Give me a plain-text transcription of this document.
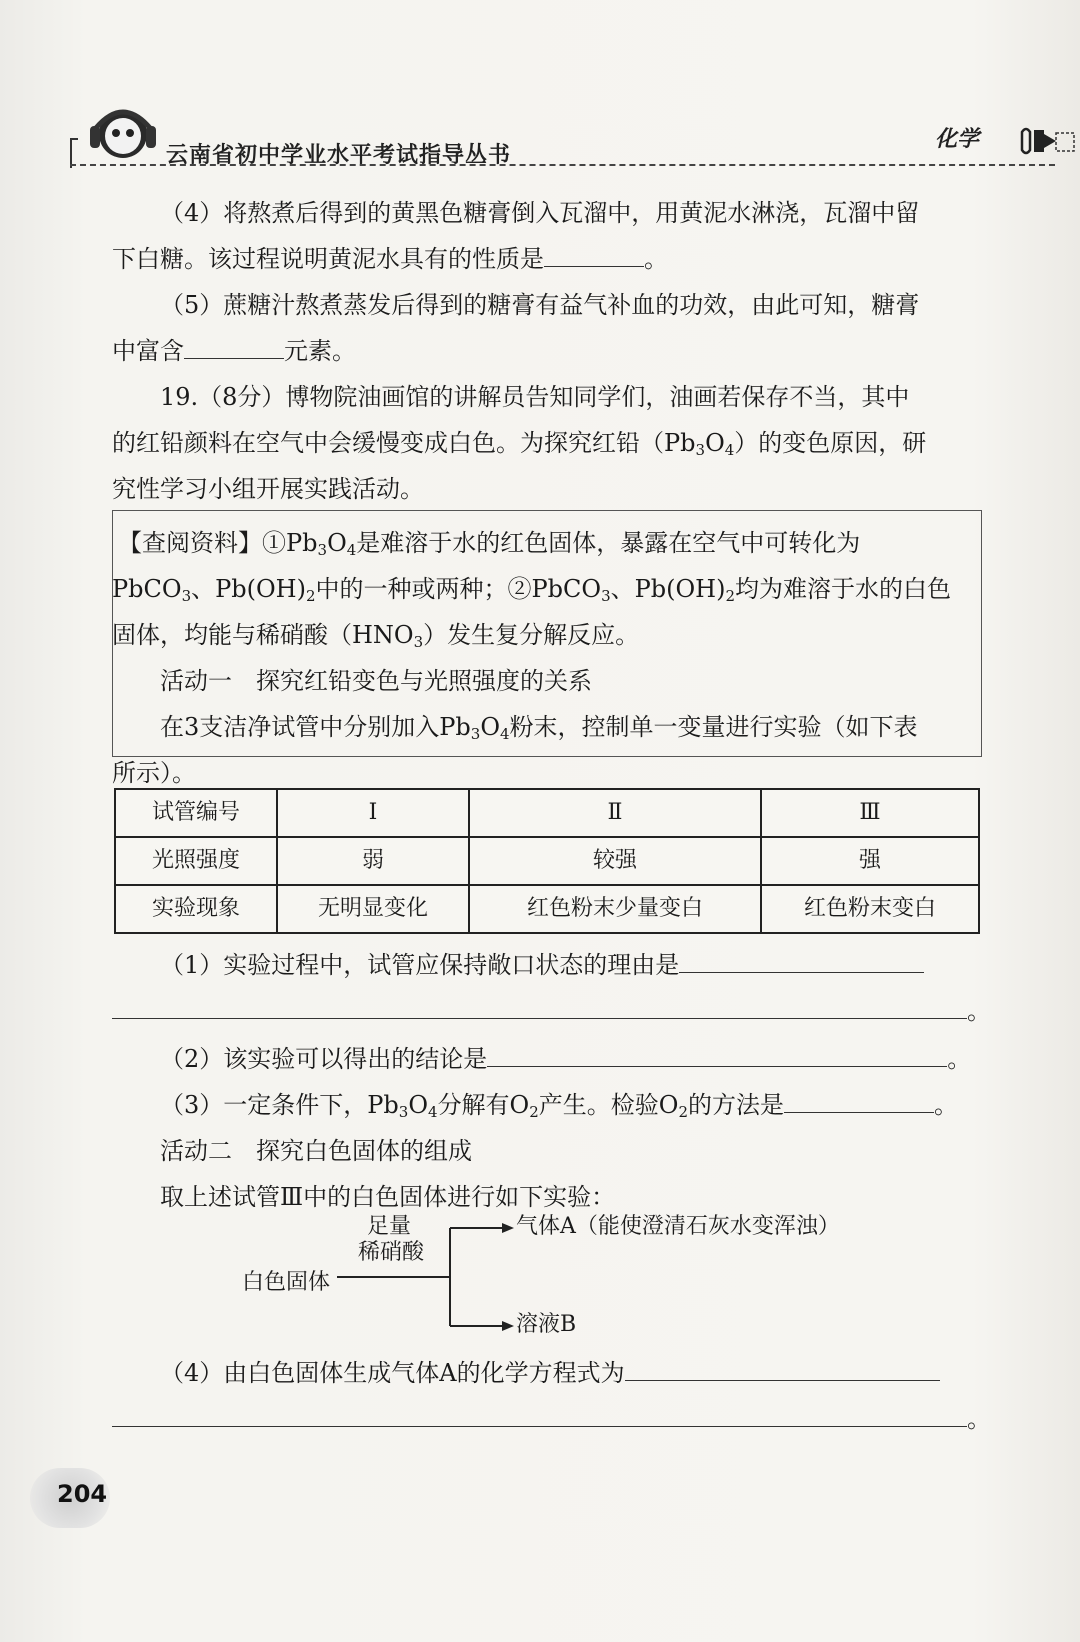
云南省初中学业水平考试指导丛书
化学
（4）将熬煮后得到的黄黑色糖膏倒入瓦溜中，用黄泥水淋浇，瓦溜中留
下白糖。该过程说明黄泥水具有的性质是	。
（5）蔗糖汁熬煮蒸发后得到的糖膏有益气补血的功效，由此可知，糖膏
中富含	元素。
19.（8分）博物院油画馆的讲解员告知同学们，油画若保存不当，其中
的红铅颜料在空气中会缓慢变成白色。为探究红铅$(Pb_3O_4)$的变色原因，研
究性学习小组开展实践活动。
【查阅资料】$①Pb_3O_4$是难溶于水的红色固体，暴露在空气中可转化为
PbCO$_3$、$Pb(OH)_2$中的一种或两种；②PbCO$_3$、$Pb(OH)_2$均为难溶于水的白色
固体，均能与稀硝酸$(HNO_3)$发生复分解反应。
活动一　探究红铅变色与光照强度的关系
在3支洁净试管中分别加入$Pb_3O_4$粉末，控制单一变量进行实验（如下表
所示）。
试管编号	Ⅰ	Ⅱ	Ⅲ
光照强度	弱	较强	强
实验现象	无明显变化	红色粉末少量变白	红色粉末变白
（1）实验过程中，试管应保持敞口状态的理由是
。
（2）该实验可以得出的结论是	。
（3）一定条件下，$Pb_3O_4$分解有$O_2$产生。检验$O_2$的方法是	。
活动二　探究白色固体的组成
取上述试管Ⅲ中的白色固体进行如下实验：
足量
稀硝酸
白色固体
气体A（能使澄清石灰水变浑浊）
溶液B
（4）由白色固体生成气体A的化学方程式为
。
204
